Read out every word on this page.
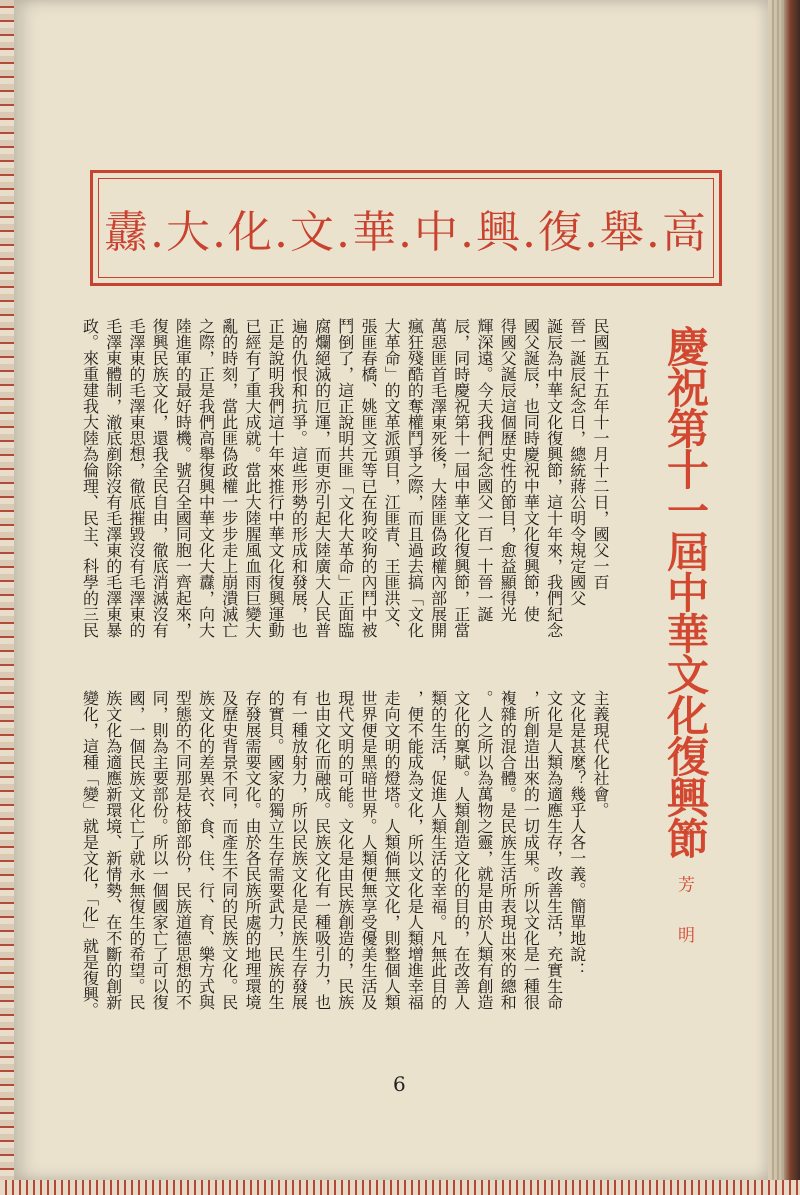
高.舉.復.興.中.華.文.化.大.纛
慶祝第十一屆中華文化復興節
季 芳 明
民國五十五年十一月十二日，國父一百
晉一誕辰紀念日，總統蔣公明令規定國父
誕辰為中華文化復興節，這十年來，我們紀念
國父誕辰，也同時慶祝中華文化復興節，使
得國父誕辰這個歷史性的節目，愈益顯得光
輝深遠。今天我們紀念國父一百一十晉一誕
辰，同時慶祝第十一屆中華文化復興節，正當
萬惡匪首毛澤東死後，大陸匪偽政權內部展開
瘋狂殘酷的奪權鬥爭之際，而且過去搞「文化
大革命」的文革派頭目，江匪青、王匪洪文、
張匪春橋、姚匪文元等已在狗咬狗的內鬥中被
鬥倒了，這正說明共匪「文化大革命」正面臨
腐爛絕滅的厄運，而更亦引起大陸廣大人民普
遍的仇恨和抗爭。這些形勢的形成和發展，也
正是說明我們這十年來推行中華文化復興運動
已經有了重大成就。當此大陸腥風血雨巨變大
亂的時刻，當此匪偽政權一步步走上崩潰滅亡
之際，正是我們高舉復興中華文化大纛，向大
陸進軍的最好時機。號召全國同胞一齊起來，
復興民族文化，還我全民自由，徹底消滅沒有
毛澤東的毛澤東思想，徹底摧毀沒有毛澤東的
毛澤東體制，澈底剷除沒有毛澤東的毛澤東暴
政。來重建我大陸為倫理、民主、科學的三民
主義現代化社會。
文化是甚麼？幾乎人各一義。簡單地說：
文化是人類為適應生存，改善生活，充實生命
，所創造出來的一切成果。所以文化是一種很
複雜的混合體。是民族生活所表現出來的總和
。人之所以為萬物之靈，就是由於人類有創造
文化的稟賦。人類創造文化的目的，在改善人
類的生活，促進人類生活的幸福。凡無此目的
，便不能成為文化，所以文化是人類增進幸福
走向文明的燈塔。人類倘無文化，則整個人類
世界便是黑暗世界。人類便無享受優美生活及
現代文明的可能。文化是由民族創造的，民族
也由文化而融成。民族文化有一種吸引力，也
有一種放射力，所以民族文化是民族生存發展
的實貝。國家的獨立生存需要武力，民族的生
存發展需要文化。由於各民族所處的地理環境
及歷史背景不同，而產生不同的民族文化。民
族文化的差異衣、食、住、行、育、樂方式與
型態的不同那是枝節部份，民族道德思想的不
同，則為主要部份。所以一個國家亡了可以復
國，一個民族文化亡了就永無復生的希望。民
族文化為適應新環境、新情勢、在不斷的創新
變化，這種「變」就是文化，「化」就是復興。
6
